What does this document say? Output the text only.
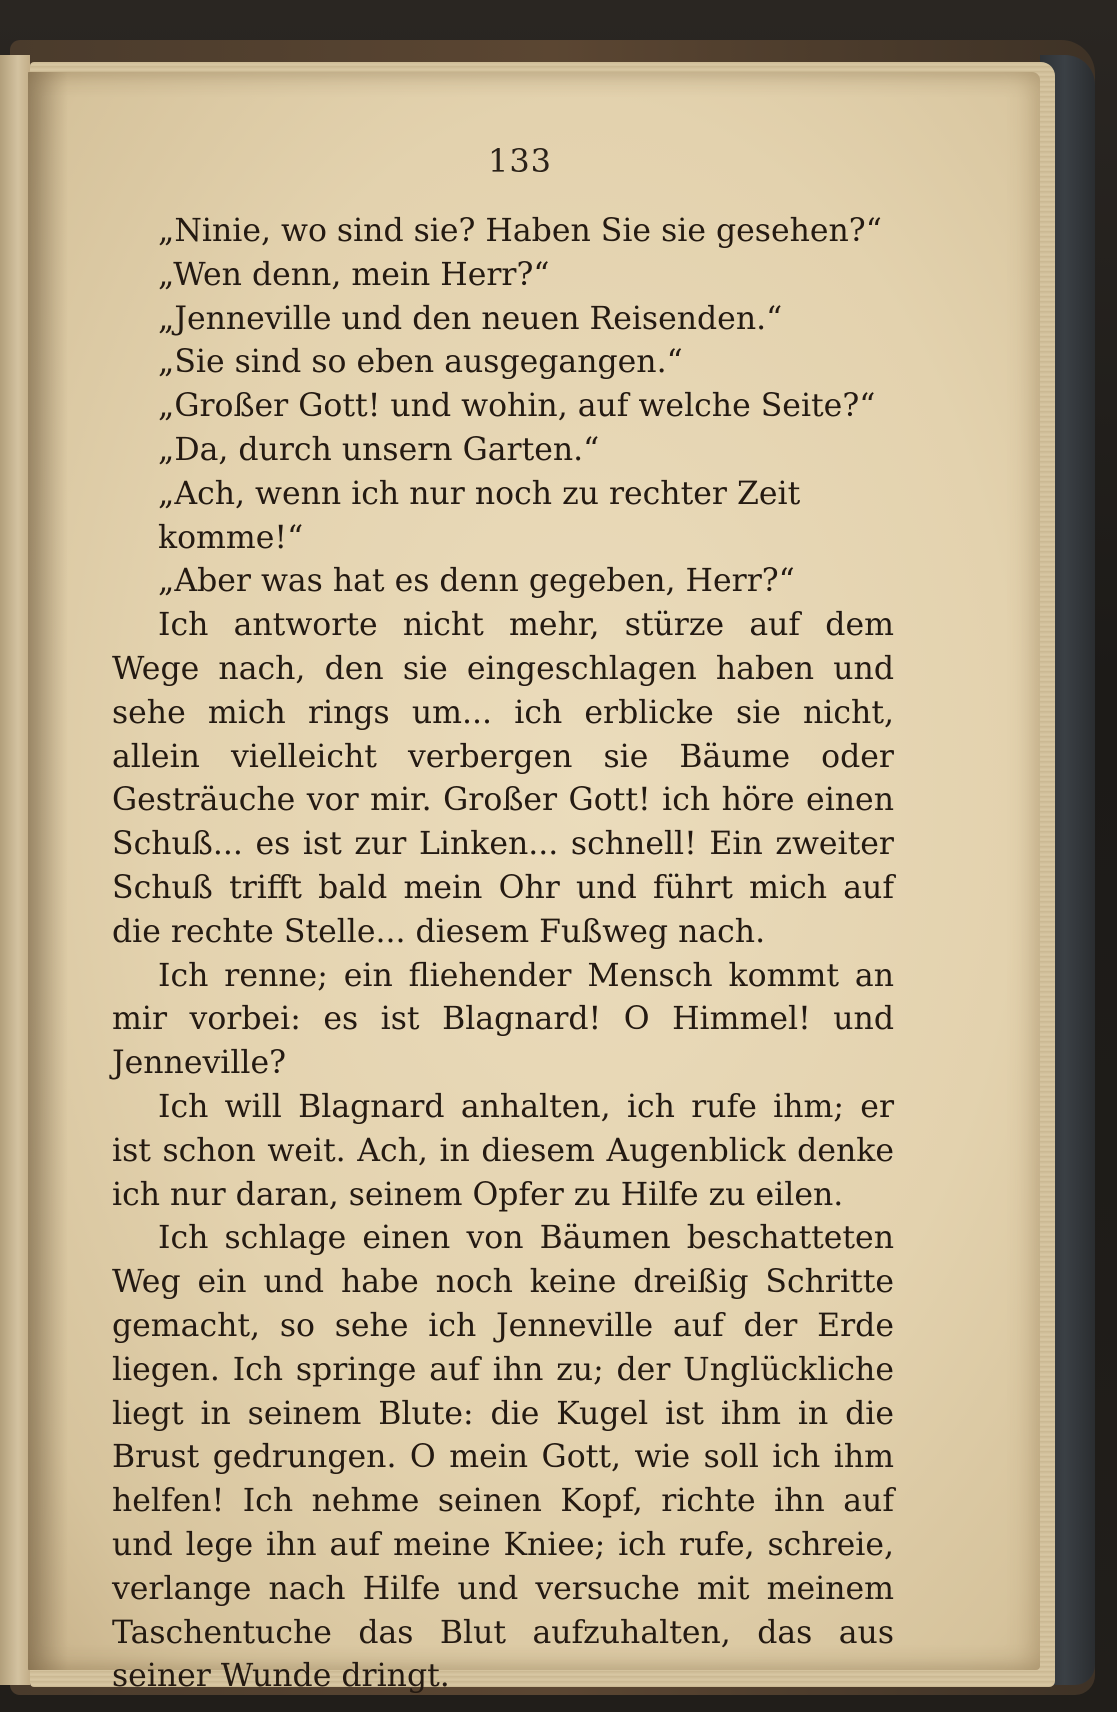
133

„Ninie, wo sind sie? Haben Sie sie gesehen?“

„Wen denn, mein Herr?“

„Jenneville und den neuen Reisenden.“

„Sie sind so eben ausgegangen.“

„Großer Gott! und wohin, auf welche Seite?“

„Da, durch unsern Garten.“

„Ach, wenn ich nur noch zu rechter Zeit komme!“

„Aber was hat es denn gegeben, Herr?“

Ich antworte nicht mehr, stürze auf dem Wege nach, den sie eingeschlagen haben und sehe mich rings um... ich erblicke sie nicht, allein vielleicht verbergen sie Bäume oder Gesträuche vor mir. Großer Gott! ich höre einen Schuß... es ist zur Linken... schnell! Ein zweiter Schuß trifft bald mein Ohr und führt mich auf die rechte Stelle... diesem Fußweg nach.

Ich renne; ein fliehender Mensch kommt an mir vorbei: es ist Blagnard! O Himmel! und Jenneville?

Ich will Blagnard anhalten, ich rufe ihm; er ist schon weit. Ach, in diesem Augenblick denke ich nur daran, seinem Opfer zu Hilfe zu eilen.

Ich schlage einen von Bäumen beschatteten Weg ein und habe noch keine dreißig Schritte gemacht, so sehe ich Jenneville auf der Erde liegen. Ich springe auf ihn zu; der Unglückliche liegt in seinem Blute: die Kugel ist ihm in die Brust gedrungen. O mein Gott, wie soll ich ihm helfen! Ich nehme seinen Kopf, richte ihn auf und lege ihn auf meine Kniee; ich rufe, schreie, verlange nach Hilfe und versuche mit meinem Taschentuche das Blut aufzuhalten, das aus seiner Wunde dringt.
